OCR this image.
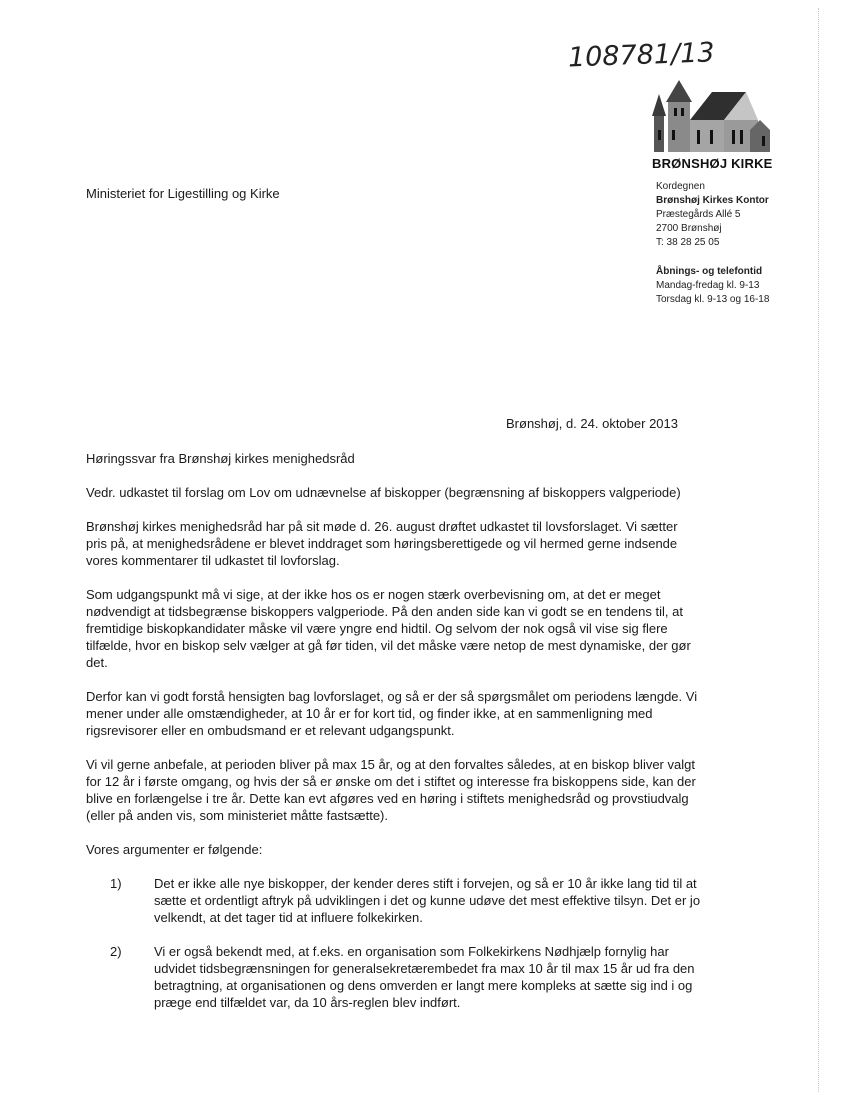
108781/13
BRØNSHØJ KIRKE
Kordegnen
Brønshøj Kirkes Kontor
Præstegårds Allé 5
2700 Brønshøj
T: 38 28 25 05
Åbnings- og telefontid
Mandag-fredag kl. 9-13
Torsdag kl. 9-13 og 16-18
Ministeriet for Ligestilling og Kirke
Brønshøj, d. 24. oktober 2013

Høringssvar fra Brønshøj kirkes menighedsråd

Vedr. udkastet til forslag om Lov om udnævnelse af biskopper (begrænsning af biskoppers valgperiode)

Brønshøj kirkes menighedsråd har på sit møde d. 26. august drøftet udkastet til lovsforslaget. Vi sætter pris på, at menighedsrådene er blevet inddraget som høringsberettigede og vil hermed gerne indsende vores kommentarer til udkastet til lovforslag.

Som udgangspunkt må vi sige, at der ikke hos os er nogen stærk overbevisning om, at det er meget nødvendigt at tidsbegrænse biskoppers valgperiode. På den anden side kan vi godt se en tendens til, at fremtidige biskopkandidater måske vil være yngre end hidtil. Og selvom der nok også vil vise sig flere tilfælde, hvor en biskop selv vælger at gå før tiden, vil det måske være netop de mest dynamiske, der gør det.

Derfor kan vi godt forstå hensigten bag lovforslaget, og så er der så spørgsmålet om periodens længde. Vi mener under alle omstændigheder, at 10 år er for kort tid, og finder ikke, at en sammenligning med rigsrevisorer eller en ombudsmand er et relevant udgangspunkt.

Vi vil gerne anbefale, at perioden bliver på max 15 år, og at den forvaltes således, at en biskop bliver valgt for 12 år i første omgang, og hvis der så er ønske om det i stiftet og interesse fra biskoppens side, kan der blive en forlængelse i tre år. Dette kan evt afgøres ved en høring i stiftets menighedsråd og provstiudvalg (eller på anden vis, som ministeriet måtte fastsætte).

Vores argumenter er følgende:

1)	Det er ikke alle nye biskopper, der kender deres stift i forvejen, og så er 10 år ikke lang tid til at sætte et ordentligt aftryk på udviklingen i det og kunne udøve det mest effektive tilsyn. Det er jo velkendt, at det tager tid at influere folkekirken.
2)	Vi er også bekendt med, at f.eks. en organisation som Folkekirkens Nødhjælp fornylig har udvidet tidsbegrænsningen for generalsekretærembedet fra max 10 år til max 15 år ud fra den betragtning, at organisationen og dens omverden er langt mere kompleks at sætte sig ind i og præge end tilfældet var, da 10 års-reglen blev indført.
